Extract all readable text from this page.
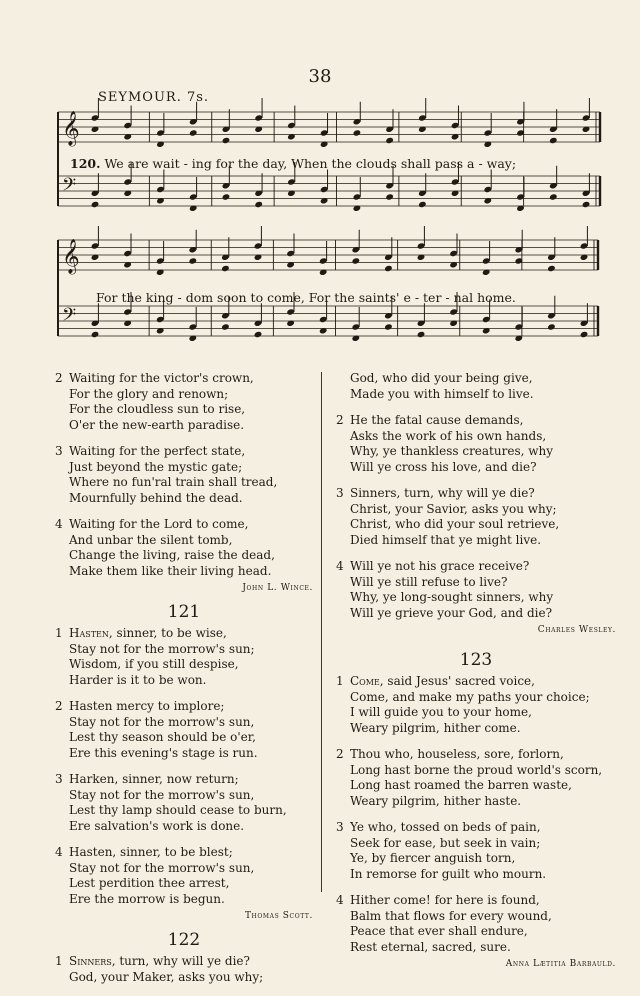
38
SEYMOUR. 7s.
𝄞
𝄢
𝄞
𝄢
120. We are wait - ing for the day, When the clouds shall pass a - way;
For the king - dom soon to come, For the saints' e - ter - nal home.
2 Waiting for the victor's crown,
For the glory and renown;
For the cloudless sun to rise,
O'er the new-earth paradise.
3 Waiting for the perfect state,
Just beyond the mystic gate;
Where no fun'ral train shall tread,
Mournfully behind the dead.
4 Waiting for the Lord to come,
And unbar the silent tomb,
Change the living, raise the dead,
Make them like their living head.
John L. Wince.
121
1 Hasten, sinner, to be wise,
Stay not for the morrow's sun;
Wisdom, if you still despise,
Harder is it to be won.
2 Hasten mercy to implore;
Stay not for the morrow's sun,
Lest thy season should be o'er,
Ere this evening's stage is run.
3 Harken, sinner, now return;
Stay not for the morrow's sun,
Lest thy lamp should cease to burn,
Ere salvation's work is done.
4 Hasten, sinner, to be blest;
Stay not for the morrow's sun,
Lest perdition thee arrest,
Ere the morrow is begun.
Thomas Scott.
122
1 Sinners, turn, why will ye die?
God, your Maker, asks you why;
God, who did your being give,
Made you with himself to live.
2 He the fatal cause demands,
Asks the work of his own hands,
Why, ye thankless creatures, why
Will ye cross his love, and die?
3 Sinners, turn, why will ye die?
Christ, your Savior, asks you why;
Christ, who did your soul retrieve,
Died himself that ye might live.
4 Will ye not his grace receive?
Will ye still refuse to live?
Why, ye long-sought sinners, why
Will ye grieve your God, and die?
Charles Wesley.
123
1 Come, said Jesus' sacred voice,
Come, and make my paths your choice;
I will guide you to your home,
Weary pilgrim, hither come.
2 Thou who, houseless, sore, forlorn,
Long hast borne the proud world's scorn,
Long hast roamed the barren waste,
Weary pilgrim, hither haste.
3 Ye who, tossed on beds of pain,
Seek for ease, but seek in vain;
Ye, by fiercer anguish torn,
In remorse for guilt who mourn.
4 Hither come! for here is found,
Balm that flows for every wound,
Peace that ever shall endure,
Rest eternal, sacred, sure.
Anna Lætitia Barbauld.
